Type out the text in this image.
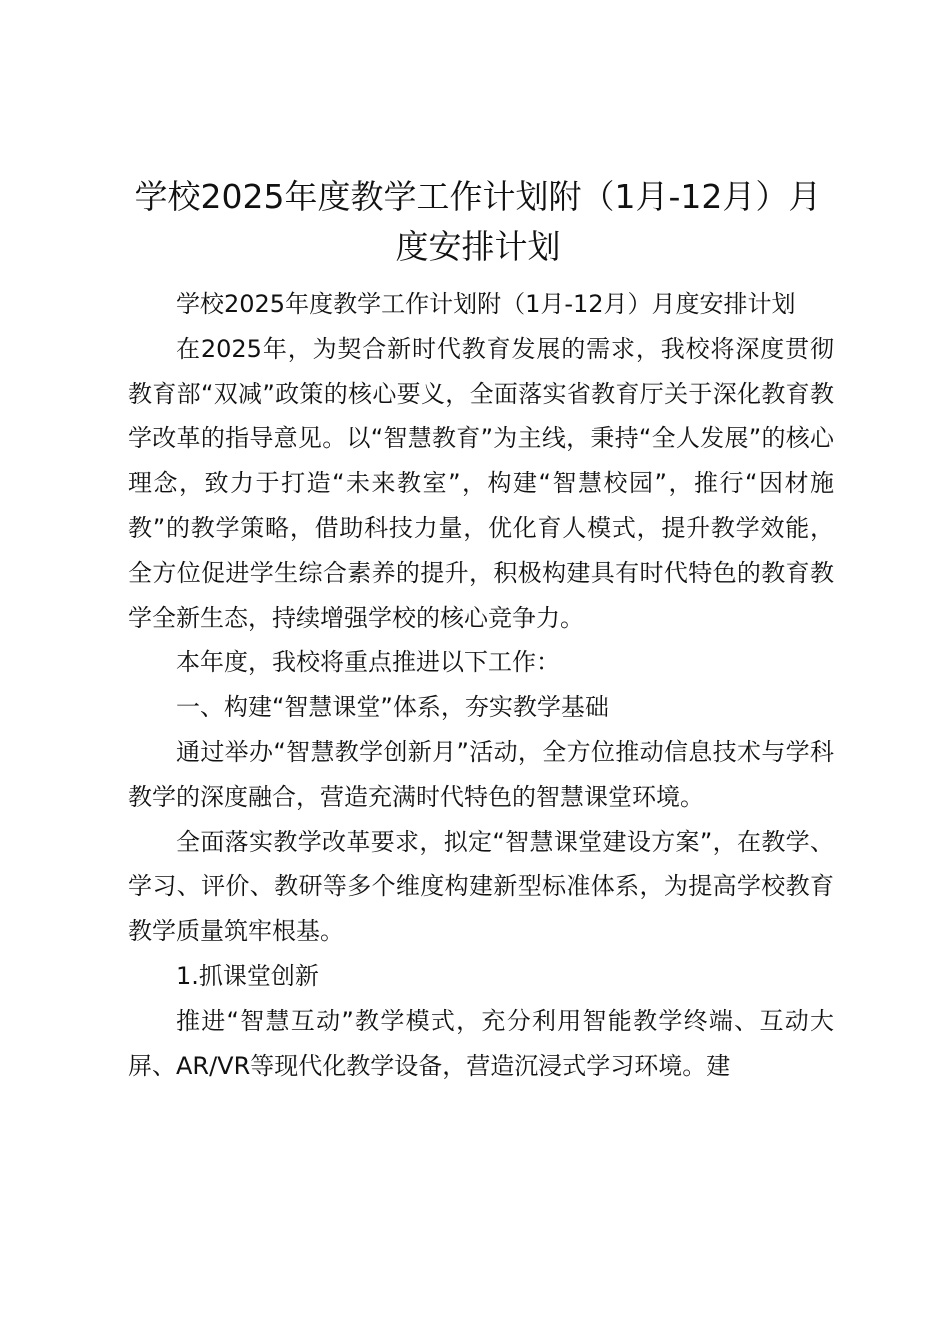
学校2025年度教学工作计划附（1月-12月）月度安排计划

学校2025年度教学工作计划附（1月-12月）月度安排计划

在2025年，为契合新时代教育发展的需求，我校将深度贯彻教育部“双减”政策的核心要义，全面落实省教育厅关于深化教育教学改革的指导意见。以“智慧教育”为主线，秉持“全人发展”的核心理念，致力于打造“未来教室”，构建“智慧校园”，推行“因材施教”的教学策略，借助科技力量，优化育人模式，提升教学效能，全方位促进学生综合素养的提升，积极构建具有时代特色的教育教学全新生态，持续增强学校的核心竞争力。

本年度，我校将重点推进以下工作：

一、构建“智慧课堂”体系，夯实教学基础

通过举办“智慧教学创新月”活动，全方位推动信息技术与学科教学的深度融合，营造充满时代特色的智慧课堂环境。

全面落实教学改革要求，拟定“智慧课堂建设方案”，在教学、学习、评价、教研等多个维度构建新型标准体系，为提高学校教育教学质量筑牢根基。

1.抓课堂创新

推进“智慧互动”教学模式，充分利用智能教学终端、互动大屏、AR/VR等现代化教学设备，营造沉浸式学习环境。建
